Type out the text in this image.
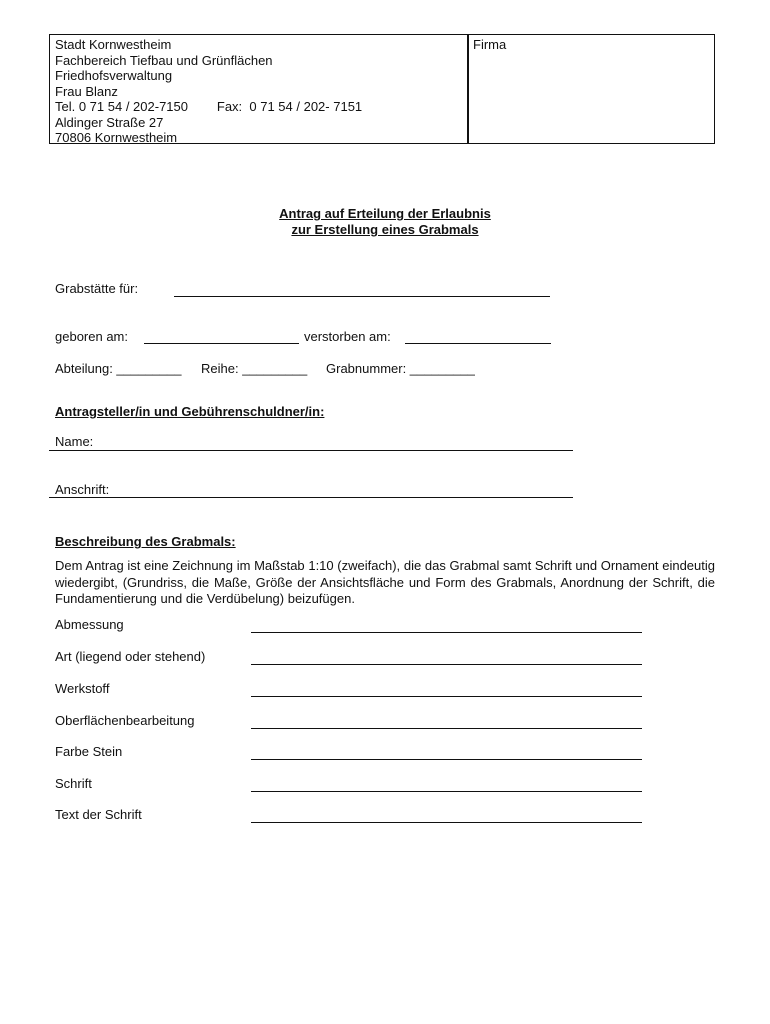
Stadt Kornwestheim
Fachbereich Tiefbau und Grünflächen
Friedhofsverwaltung
Frau Blanz
Tel. 0 71 54 / 202-7150        Fax:  0 71 54 / 202- 7151
Aldinger Straße 27
70806 Kornwestheim
Firma
Antrag auf Erteilung der Erlaubnis
zur Erstellung eines Grabmals
Grabstätte für:
geboren am:	verstorben am:
Abteilung: _________ Reihe: _________ Grabnummer: _________
Antragsteller/in und Gebührenschuldner/in:
Name:
Anschrift:
Beschreibung des Grabmals:
Dem Antrag ist eine Zeichnung im Maßstab 1:10 (zweifach), die das Grabmal samt Schrift und Ornament eindeutig wiedergibt, (Grundriss, die Maße, Größe der Ansichtsfläche und Form des Grabmals, Anordnung der Schrift, die Fundamentierung und die Verdübelung) beizufügen.
Abmessung
Art (liegend oder stehend)
Werkstoff
Oberflächenbearbeitung
Farbe Stein
Schrift
Text der Schrift
